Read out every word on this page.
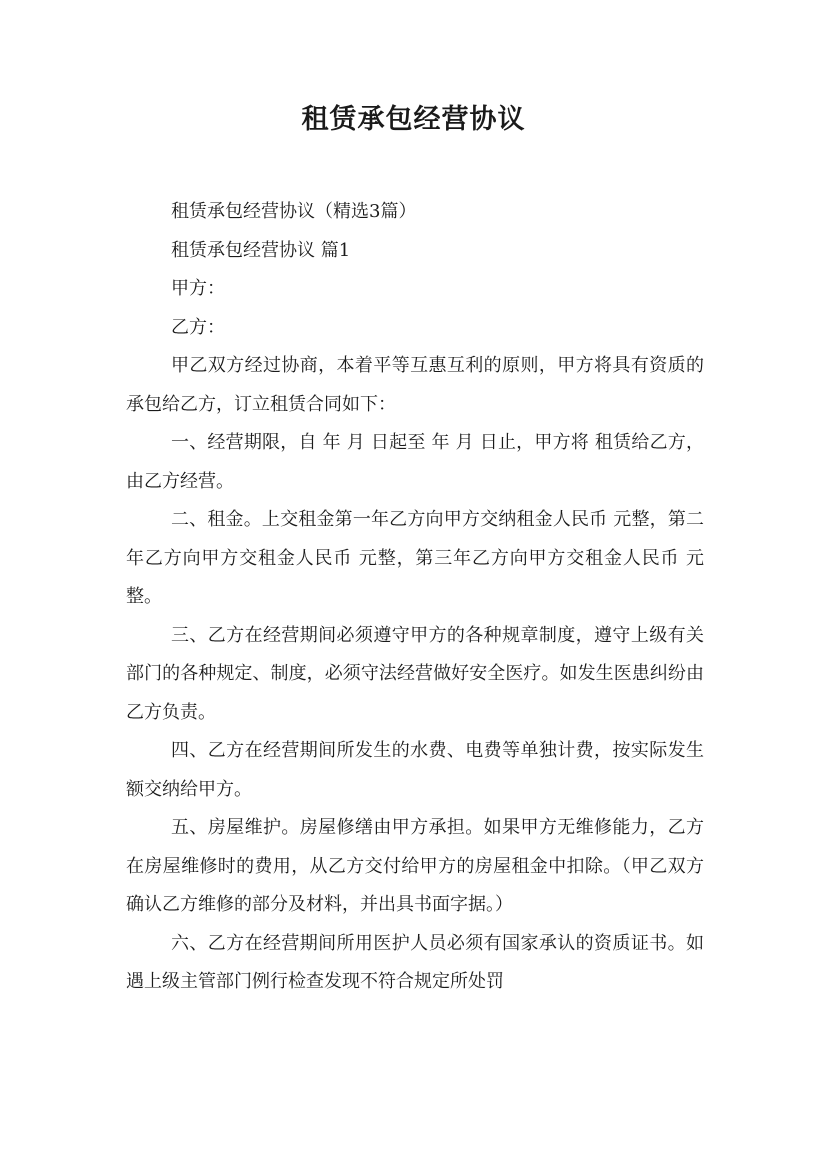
租赁承包经营协议

租赁承包经营协议（精选3篇）

租赁承包经营协议 篇1

甲方：

乙方：

甲乙双方经过协商，本着平等互惠互利的原则，甲方将具有资质的 承包给乙方，订立租赁合同如下：

一、经营期限，自 年 月 日起至 年 月 日止，甲方将 租赁给乙方，由乙方经营。

二、租金。上交租金第一年乙方向甲方交纳租金人民币 元整，第二年乙方向甲方交租金人民币 元整，第三年乙方向甲方交租金人民币 元整。

三、乙方在经营期间必须遵守甲方的各种规章制度，遵守上级有关部门的各种规定、制度，必须守法经营做好安全医疗。如发生医患纠纷由乙方负责。

四、乙方在经营期间所发生的水费、电费等单独计费，按实际发生额交纳给甲方。

五、房屋维护。房屋修缮由甲方承担。如果甲方无维修能力，乙方在房屋维修时的费用，从乙方交付给甲方的房屋租金中扣除。（甲乙双方确认乙方维修的部分及材料，并出具书面字据。）

六、乙方在经营期间所用医护人员必须有国家承认的资质证书。如遇上级主管部门例行检查发现不符合规定所处罚
